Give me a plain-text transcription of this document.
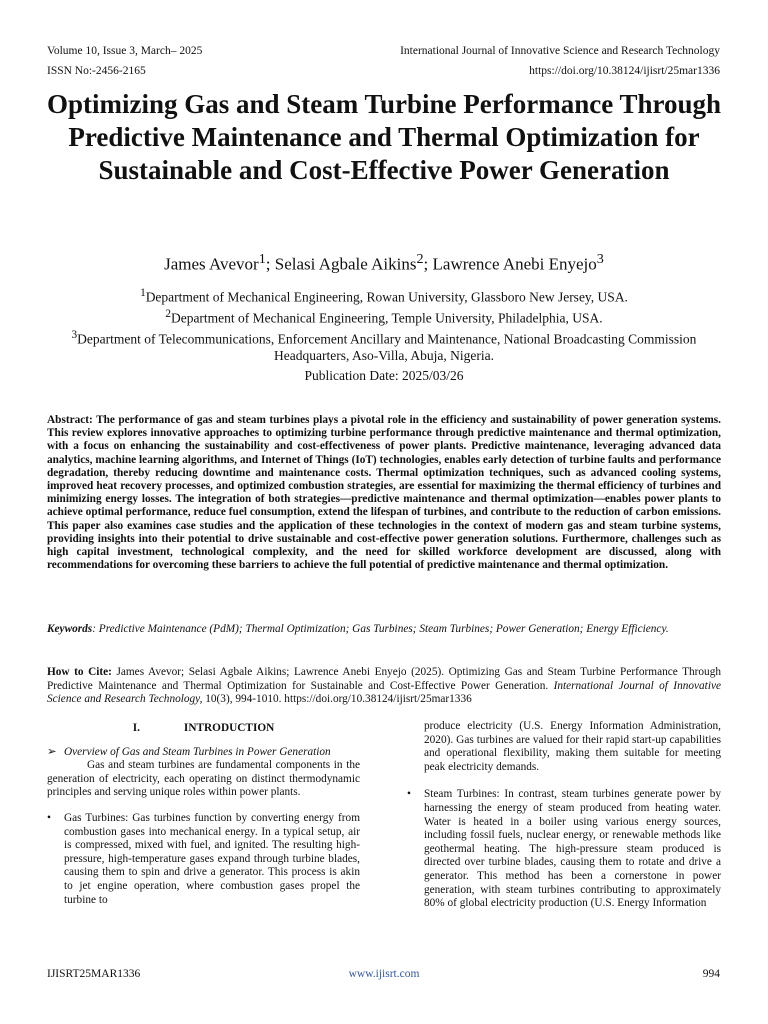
Volume 10, Issue 3, March– 2025
ISSN No:-2456-2165
International Journal of Innovative Science and Research Technology
https://doi.org/10.38124/ijisrt/25mar1336
Optimizing Gas and Steam Turbine Performance Through Predictive Maintenance and Thermal Optimization for Sustainable and Cost-Effective Power Generation
James Avevor$^1$; Selasi Agbale Aikins$^2$; Lawrence Anebi Enyejo$^3$
$^1$Department of Mechanical Engineering, Rowan University, Glassboro New Jersey, USA.
$^2$Department of Mechanical Engineering, Temple University, Philadelphia, USA.
$^3$Department of Telecommunications, Enforcement Ancillary and Maintenance, National Broadcasting Commission Headquarters, Aso-Villa, Abuja, Nigeria.
Publication Date: 2025/03/26
Abstract: The performance of gas and steam turbines plays a pivotal role in the efficiency and sustainability of power generation systems. This review explores innovative approaches to optimizing turbine performance through predictive maintenance and thermal optimization, with a focus on enhancing the sustainability and cost-effectiveness of power plants. Predictive maintenance, leveraging advanced data analytics, machine learning algorithms, and Internet of Things (IoT) technologies, enables early detection of turbine faults and performance degradation, thereby reducing downtime and maintenance costs. Thermal optimization techniques, such as advanced cooling systems, improved heat recovery processes, and optimized combustion strategies, are essential for maximizing the thermal efficiency of turbines and minimizing energy losses. The integration of both strategies—predictive maintenance and thermal optimization—enables power plants to achieve optimal performance, reduce fuel consumption, extend the lifespan of turbines, and contribute to the reduction of carbon emissions. This paper also examines case studies and the application of these technologies in the context of modern gas and steam turbine systems, providing insights into their potential to drive sustainable and cost-effective power generation solutions. Furthermore, challenges such as high capital investment, technological complexity, and the need for skilled workforce development are discussed, along with recommendations for overcoming these barriers to achieve the full potential of predictive maintenance and thermal optimization.
Keywords: Predictive Maintenance (PdM); Thermal Optimization; Gas Turbines; Steam Turbines; Power Generation; Energy Efficiency.
How to Cite: James Avevor; Selasi Agbale Aikins; Lawrence Anebi Enyejo (2025). Optimizing Gas and Steam Turbine Performance Through Predictive Maintenance and Thermal Optimization for Sustainable and Cost-Effective Power Generation. International Journal of Innovative Science and Research Technology, 10(3), 994-1010. https://doi.org/10.38124/ijisrt/25mar1336
I.	INTRODUCTION
➢ Overview of Gas and Steam Turbines in Power Generation

Gas and steam turbines are fundamental components in the generation of electricity, each operating on distinct thermodynamic principles and serving unique roles within power plants.

• Gas Turbines: Gas turbines function by converting energy from combustion gases into mechanical energy. In a typical setup, air is compressed, mixed with fuel, and ignited. The resulting high-pressure, high-temperature gases expand through turbine blades, causing them to spin and drive a generator. This process is akin to jet engine operation, where combustion gases propel the turbine to

produce electricity (U.S. Energy Information Administration, 2020). Gas turbines are valued for their rapid start-up capabilities and operational flexibility, making them suitable for meeting peak electricity demands.

• Steam Turbines: In contrast, steam turbines generate power by harnessing the energy of steam produced from heating water. Water is heated in a boiler using various energy sources, including fossil fuels, nuclear energy, or renewable methods like geothermal heating. The high-pressure steam produced is directed over turbine blades, causing them to rotate and drive a generator. This method has been a cornerstone in power generation, with steam turbines contributing to approximately 80% of global electricity production (U.S. Energy Information

IJISRT25MAR1336	www.ijisrt.com	994
